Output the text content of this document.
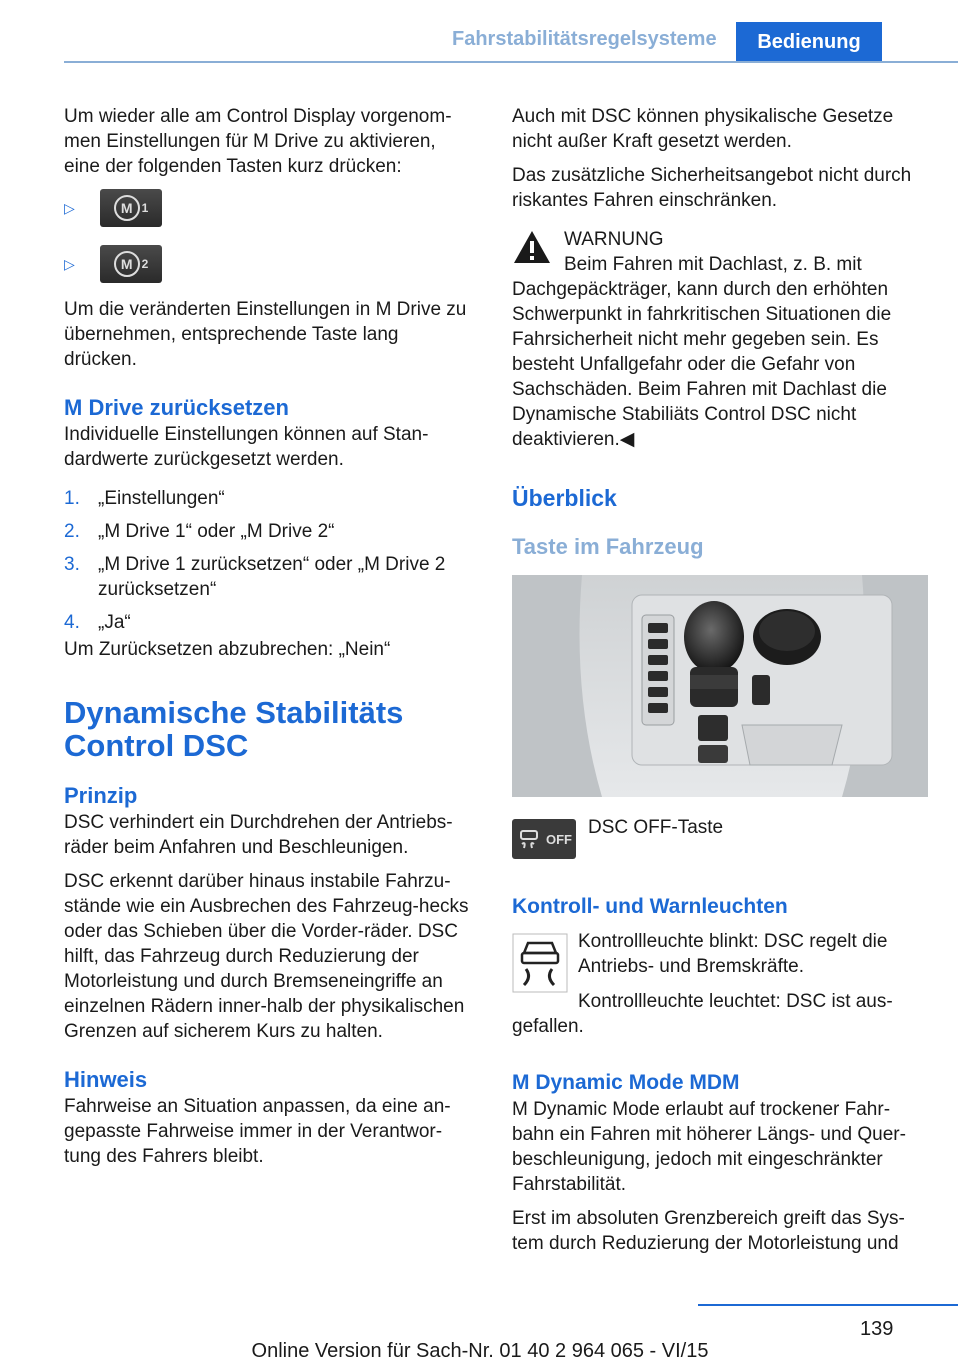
Fahrstabilitätsregelsysteme	Bedienung

Um wieder alle am Control Display vorgenom‐men Einstellungen für M Drive zu aktivieren, eine der folgenden Tasten kurz drücken:

▷	M 1
▷	M 2

Um die veränderten Einstellungen in M Drive zu übernehmen, entsprechende Taste lang drücken.

M Drive zurücksetzen

Individuelle Einstellungen können auf Stan‐dardwerte zurückgesetzt werden.

1. „Einstellungen“
2. „M Drive 1“ oder „M Drive 2“
3. „M Drive 1 zurücksetzen“ oder „M Drive 2 zurücksetzen“
4. „Ja“

Um Zurücksetzen abzubrechen: „Nein“

Dynamische Stabilitäts Control DSC
Prinzip

DSC verhindert ein Durchdrehen der Antriebs‐räder beim Anfahren und Beschleunigen.

DSC erkennt darüber hinaus instabile Fahrzu‐stände wie ein Ausbrechen des Fahrzeug‐hecks oder das Schieben über die Vorder‐räder. DSC hilft, das Fahrzeug durch Reduzierung der Motorleistung und durch Bremseneingriffe an einzelnen Rädern inner‐halb der physikalischen Grenzen auf sicherem Kurs zu halten.

Hinweis

Fahrweise an Situation anpassen, da eine an‐gepasste Fahrweise immer in der Verantwor‐tung des Fahrers bleibt.

Auch mit DSC können physikalische Gesetze nicht außer Kraft gesetzt werden.

Das zusätzliche Sicherheitsangebot nicht durch riskantes Fahren einschränken.

WARNUNG
Beim Fahren mit Dachlast, z. B. mit Dachgepäckträger, kann durch den erhöhten Schwerpunkt in fahrkritischen Situationen die Fahrsicherheit nicht mehr gegeben sein. Es besteht Unfallgefahr oder die Gefahr von Sachschäden. Beim Fahren mit Dachlast die Dynamische Stabiliäts Control DSC nicht deaktivieren.◀
Überblick
Taste im Fahrzeug
OFF
DSC OFF-Taste
Kontroll- und Warnleuchten
Kontrollleuchte blinkt: DSC regelt die Antriebs- und Bremskräfte.
Kontrollleuchte leuchtet: DSC ist aus‐gefallen.
M Dynamic Mode MDM

M Dynamic Mode erlaubt auf trockener Fahr‐bahn ein Fahren mit höherer Längs- und Quer‐beschleunigung, jedoch mit eingeschränkter Fahrstabilität.

Erst im absoluten Grenzbereich greift das Sys‐tem durch Reduzierung der Motorleistung und

139
Online Version für Sach-Nr. 01 40 2 964 065 - VI/15
